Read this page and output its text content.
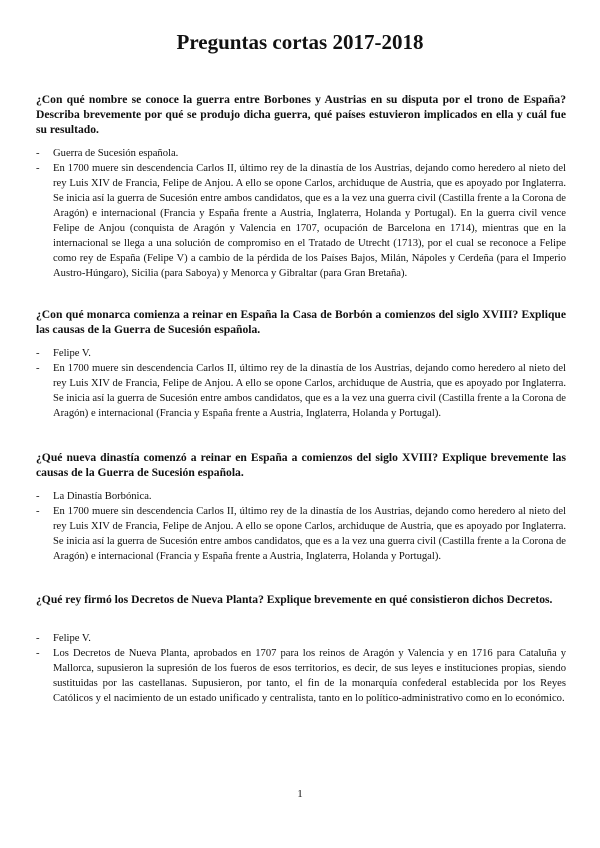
Preguntas cortas 2017-2018
¿Con qué nombre se conoce la guerra entre Borbones y Austrias en su disputa por el trono de España? Describa brevemente por qué se produjo dicha guerra, qué países estuvieron implicados en ella y cuál fue su resultado.
- Guerra de Sucesión española.
- En 1700 muere sin descendencia Carlos II, último rey de la dinastía de los Austrias, dejando como heredero al nieto del rey Luis XIV de Francia, Felipe de Anjou. A ello se opone Carlos, archiduque de Austria, que es apoyado por Inglaterra. Se inicia así la guerra de Sucesión entre ambos candidatos, que es a la vez una guerra civil (Castilla frente a la Corona de Aragón) e internacional (Francia y España frente a Austria, Inglaterra, Holanda y Portugal). En la guerra civil vence Felipe de Anjou (conquista de Aragón y Valencia en 1707, ocupación de Barcelona en 1714), mientras que en la internacional se llega a una solución de compromiso en el Tratado de Utrecht (1713), por el cual se reconoce a Felipe como rey de España (Felipe V) a cambio de la pérdida de los Países Bajos, Milán, Nápoles y Cerdeña (para el Imperio Austro-Húngaro), Sicilia (para Saboya) y Menorca y Gibraltar (para Gran Bretaña).
¿Con qué monarca comienza a reinar en España la Casa de Borbón a comienzos del siglo XVIII? Explique las causas de la Guerra de Sucesión española.
- Felipe V.
- En 1700 muere sin descendencia Carlos II, último rey de la dinastía de los Austrias, dejando como heredero al nieto del rey Luis XIV de Francia, Felipe de Anjou. A ello se opone Carlos, archiduque de Austria, que es apoyado por Inglaterra. Se inicia así la guerra de Sucesión entre ambos candidatos, que es a la vez una guerra civil (Castilla frente a la Corona de Aragón) e internacional (Francia y España frente a Austria, Inglaterra, Holanda y Portugal).
¿Qué nueva dinastía comenzó a reinar en España a comienzos del siglo XVIII? Explique brevemente las causas de la Guerra de Sucesión española.
- La Dinastía Borbónica.
- En 1700 muere sin descendencia Carlos II, último rey de la dinastía de los Austrias, dejando como heredero al nieto del rey Luis XIV de Francia, Felipe de Anjou. A ello se opone Carlos, archiduque de Austria, que es apoyado por Inglaterra. Se inicia así la guerra de Sucesión entre ambos candidatos, que es a la vez una guerra civil (Castilla frente a la Corona de Aragón) e internacional (Francia y España frente a Austria, Inglaterra, Holanda y Portugal).
¿Qué rey firmó los Decretos de Nueva Planta? Explique brevemente en qué consistieron dichos Decretos.
- Felipe V.
- Los Decretos de Nueva Planta, aprobados en 1707 para los reinos de Aragón y Valencia y en 1716 para Cataluña y Mallorca, supusieron la supresión de los fueros de esos territorios, es decir, de sus leyes e instituciones propias, siendo sustituidas por las castellanas. Supusieron, por tanto, el fin de la monarquía confederal establecida por los Reyes Católicos y el nacimiento de un estado unificado y centralista, tanto en lo político-administrativo como en lo económico.
1
